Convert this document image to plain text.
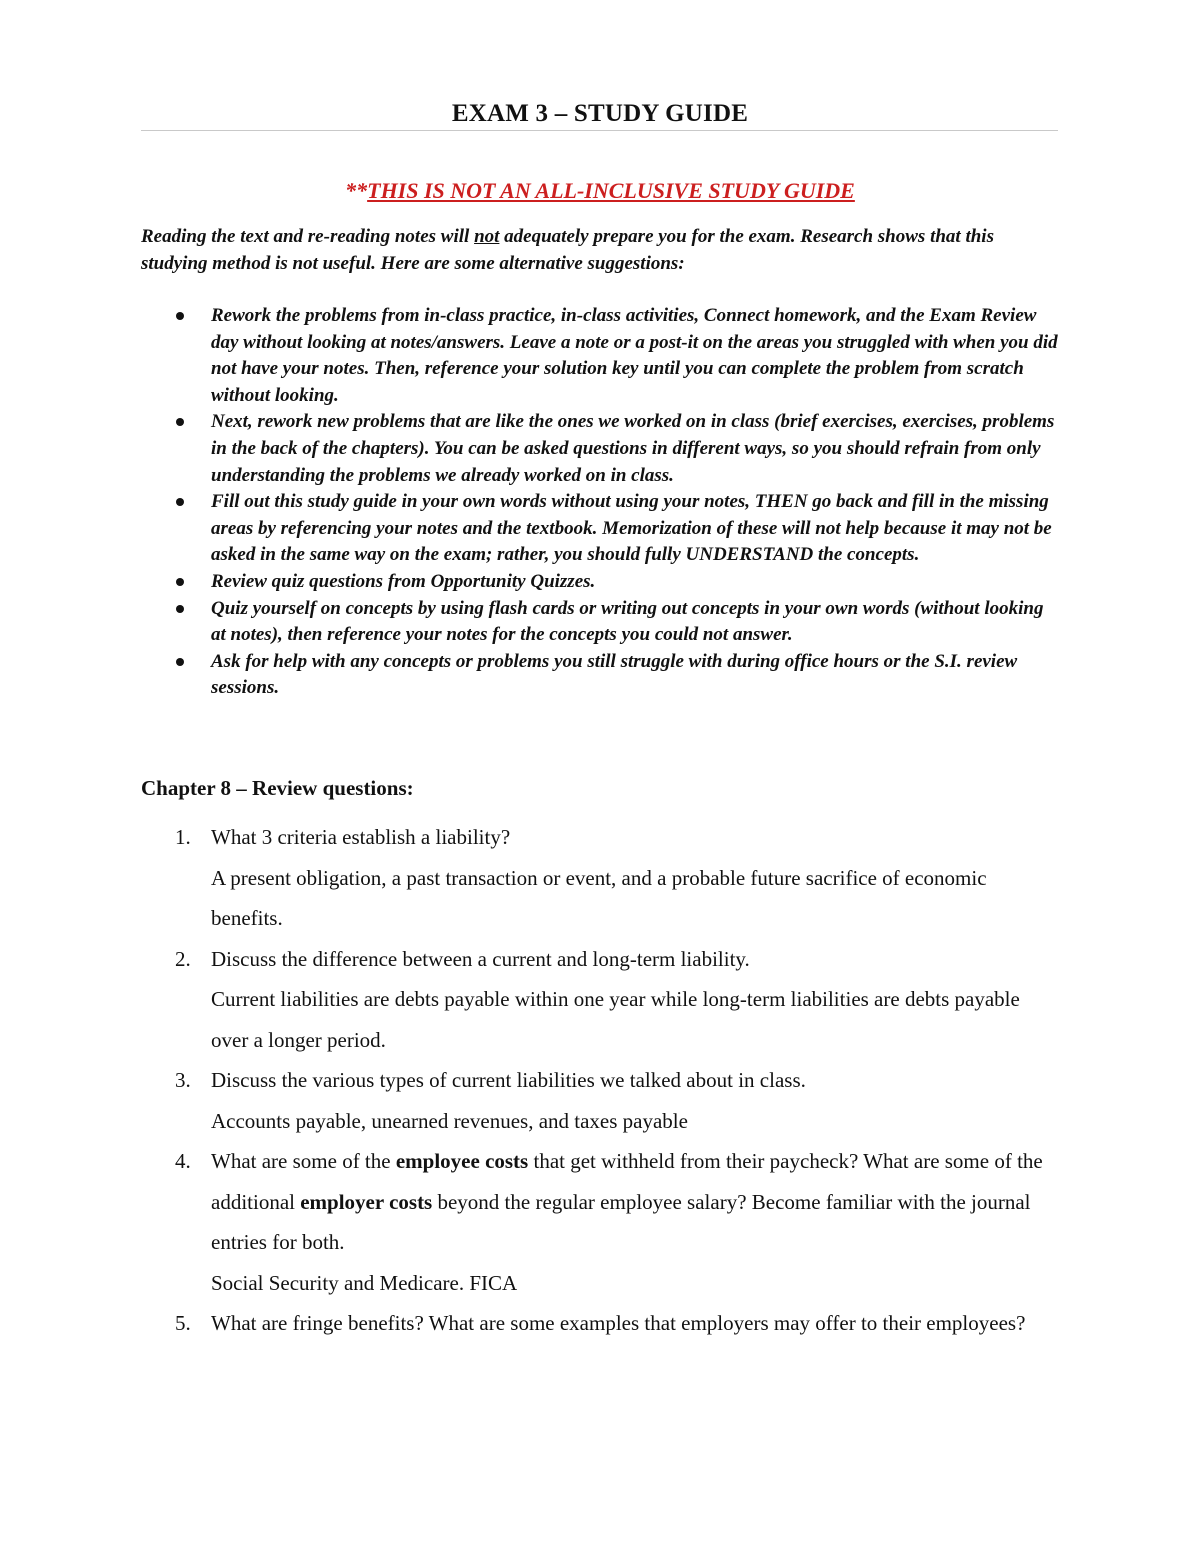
EXAM 3 – STUDY GUIDE
**THIS IS NOT AN ALL-INCLUSIVE STUDY GUIDE
Reading the text and re-reading notes will not adequately prepare you for the exam. Research shows that this studying method is not useful. Here are some alternative suggestions:
Rework the problems from in-class practice, in-class activities, Connect homework, and the Exam Review day without looking at notes/answers. Leave a note or a post-it on the areas you struggled with when you did not have your notes. Then, reference your solution key until you can complete the problem from scratch without looking.
Next, rework new problems that are like the ones we worked on in class (brief exercises, exercises, problems in the back of the chapters). You can be asked questions in different ways, so you should refrain from only understanding the problems we already worked on in class.
Fill out this study guide in your own words without using your notes, THEN go back and fill in the missing areas by referencing your notes and the textbook. Memorization of these will not help because it may not be asked in the same way on the exam; rather, you should fully UNDERSTAND the concepts.
Review quiz questions from Opportunity Quizzes.
Quiz yourself on concepts by using flash cards or writing out concepts in your own words (without looking at notes), then reference your notes for the concepts you could not answer.
Ask for help with any concepts or problems you still struggle with during office hours or the S.I. review sessions.
Chapter 8 – Review questions:
1. What 3 criteria establish a liability?
A present obligation, a past transaction or event, and a probable future sacrifice of economic benefits.
2. Discuss the difference between a current and long-term liability.
Current liabilities are debts payable within one year while long-term liabilities are debts payable over a longer period.
3. Discuss the various types of current liabilities we talked about in class.
Accounts payable, unearned revenues, and taxes payable
4. What are some of the employee costs that get withheld from their paycheck? What are some of the additional employer costs beyond the regular employee salary? Become familiar with the journal entries for both.
Social Security and Medicare. FICA
5. What are fringe benefits? What are some examples that employers may offer to their employees?
